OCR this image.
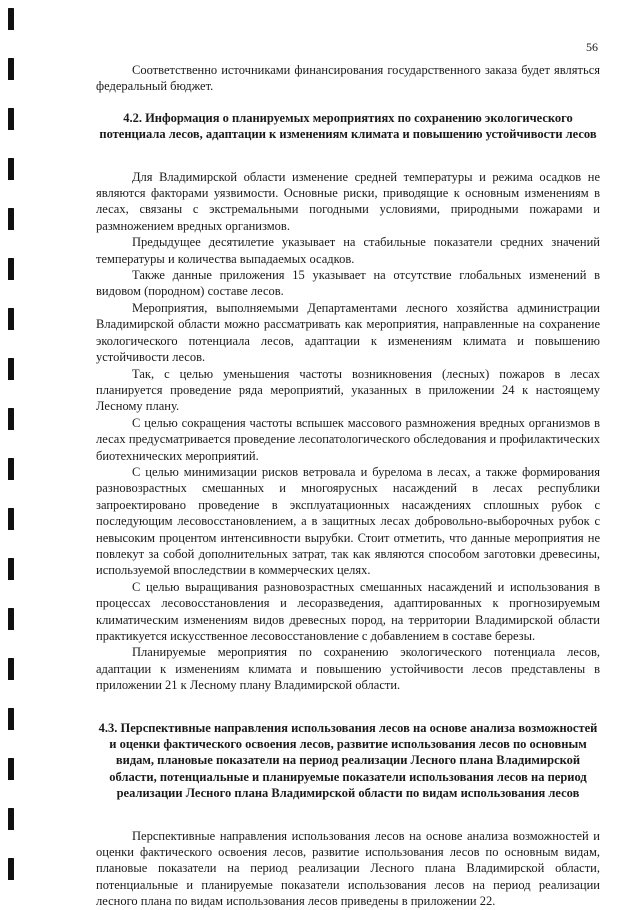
56

Соответственно источниками финансирования государственного заказа будет являться федеральный бюджет.

4.2. Информация о планируемых мероприятиях по сохранению экологического потенциала лесов, адаптации к изменениям климата и повышению устойчивости лесов

Для Владимирской области изменение средней температуры и режима осадков не являются факторами уязвимости. Основные риски, приводящие к основным изменениям в лесах, связаны с экстремальными погодными условиями, природными пожарами и размножением вредных организмов.

Предыдущее десятилетие указывает на стабильные показатели средних значений температуры и количества выпадаемых осадков.

Также данные приложения 15 указывает на отсутствие глобальных изменений в видовом (породном) составе лесов.

Мероприятия, выполняемыми Департаментами лесного хозяйства администрации Владимирской области можно рассматривать как мероприятия, направленные на сохранение экологического потенциала лесов, адаптации к изменениям климата и повышению устойчивости лесов.

Так, с целью уменьшения частоты возникновения (лесных) пожаров в лесах планируется проведение ряда мероприятий, указанных в приложении 24 к настоящему Лесному плану.

С целью сокращения частоты вспышек массового размножения вредных организмов в лесах предусматривается проведение лесопатологического обследования и профилактических биотехнических мероприятий.

С целью минимизации рисков ветровала и бурелома в лесах, а также формирования разновозрастных смешанных и многоярусных насаждений в лесах республики запроектировано проведение в эксплуатационных насаждениях сплошных рубок с последующим лесовосстановлением, а в защитных лесах добровольно-выборочных рубок с невысоким процентом интенсивности вырубки. Стоит отметить, что данные мероприятия не повлекут за собой дополнительных затрат, так как являются способом заготовки древесины, используемой впоследствии в коммерческих целях.

С целью выращивания разновозрастных смешанных насаждений и использования в процессах лесовосстановления и лесоразведения, адаптированных к прогнозируемым климатическим изменениям видов древесных пород, на территории Владимирской области практикуется искусственное лесовосстановление с добавлением в составе березы.

Планируемые мероприятия по сохранению экологического потенциала лесов, адаптации к изменениям климата и повышению устойчивости лесов представлены в приложении 21 к Лесному плану Владимирской области.

4.3. Перспективные направления использования лесов на основе анализа возможностей и оценки фактического освоения лесов, развитие использования лесов по основным видам, плановые показатели на период реализации Лесного плана Владимирской области, потенциальные и планируемые показатели использования лесов на период реализации Лесного плана Владимирской области по видам использования лесов

Перспективные направления использования лесов на основе анализа возможностей и оценки фактического освоения лесов, развитие использования лесов по основным видам, плановые показатели на период реализации Лесного плана Владимирской области, потенциальные и планируемые показатели использования лесов на период реализации лесного плана по видам использования лесов приведены в приложении 22.
